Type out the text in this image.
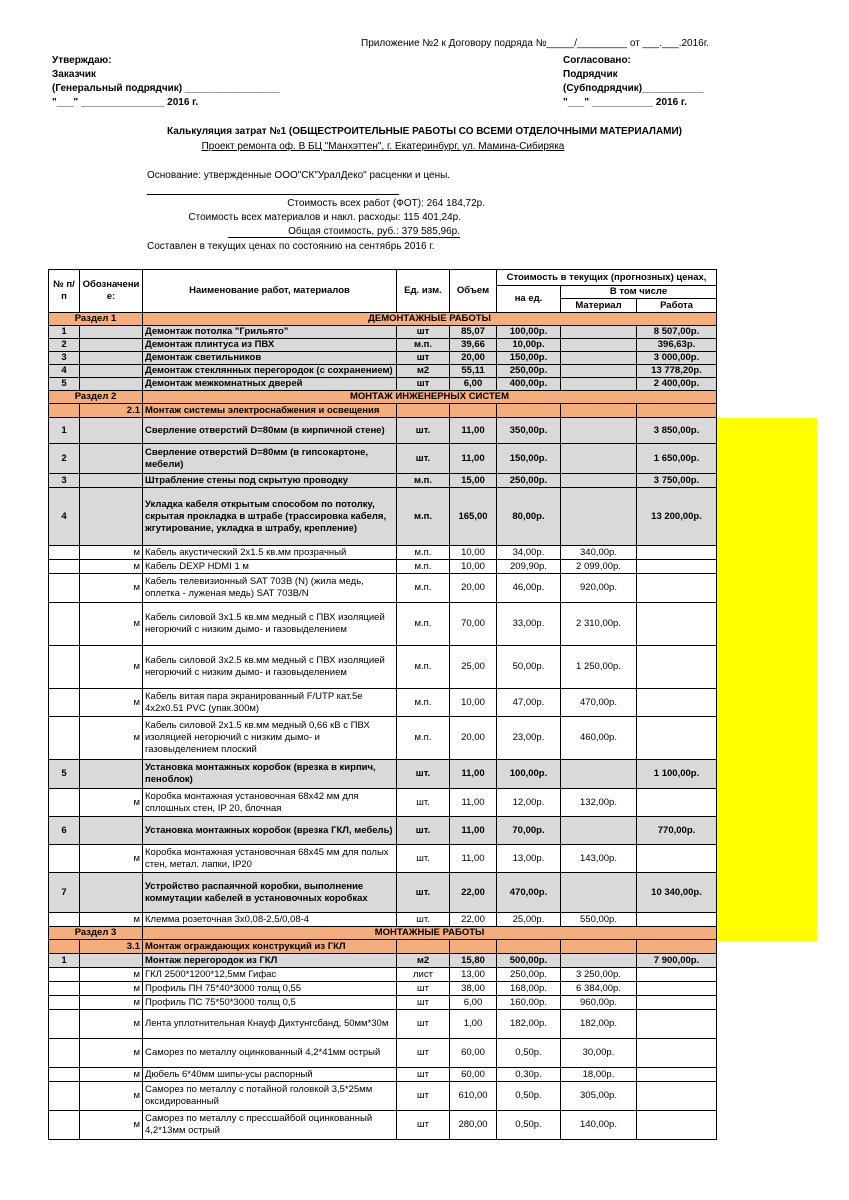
Приложение №2 к Договору подряда №_____/_________ от ___.___.2016г.
Утверждаю:
Заказчик
(Генеральный подрядчик) _________________
"___" _______________ 2016 г.
Согласовано:
Подрядчик
(Субподрядчик)___________
"___" ___________ 2016 г.
Калькуляция затрат №1 (ОБЩЕСТРОИТЕЛЬНЫЕ РАБОТЫ СО ВСЕМИ ОТДЕЛОЧНЫМИ МАТЕРИАЛАМИ)
Проект ремонта оф. В БЦ "Манхэттен", г. Екатеринбург, ул. Мамина-Сибиряка
Основание: утвержденные ООО"СК"УралДеко" расценки и цены.
Стоимость всех работ (ФОТ): 264 184,72р.
Стоимость всех материалов и накл. расходы: 115 401,24р.
Общая стоимость, руб.: 379 585,96р.
Составлен в текущих ценах по состоянию на сентябрь 2016 г.
№ п/п	Обозначени е:	Наименование работ, материалов	Ед. изм.	Объем	Стоимость в текущих (прогнозных) ценах,		
					на ед.	В том числе	
						Материал	Работа
Раздел 1		ДЕМОНТАЖНЫЕ РАБОТЫ					
1		Демонтаж потолка "Грильято"	шт	85,07	100,00р.		8 507,00р.
2		Демонтаж плинтуса из ПВХ	м.п.	39,66	10,00р.		396,63р.
3		Демонтаж светильников	шт	20,00	150,00р.		3 000,00р.
4		Демонтаж стеклянных перегородок (с сохранением)	м2	55,11	250,00р.		13 778,20р.
5		Демонтаж межкомнатных дверей	шт	6,00	400,00р.		2 400,00р.
Раздел 2		МОНТАЖ ИНЖЕНЕРНЫХ СИСТЕМ					
	2.1	Монтаж системы электроснабжения и освещения					
1		Сверление отверстий D=80мм (в кирпичной стене)	шт.	11,00	350,00р.		3 850,00р.
2		Сверление отверстий D=80мм (в гипсокартоне, мебели)	шт.	11,00	150,00р.		1 650,00р.
3		Штрабление стены под скрытую проводку	м.п.	15,00	250,00р.		3 750,00р.
4		Укладка кабеля открытым способом по потолку, скрытая прокладка в штрабе (трассировка кабеля, жгутирование, укладка в штрабу, крепление)	м.п.	165,00	80,00р.		13 200,00р.
	м	Кабель акустический 2х1.5 кв.мм прозрачный	м.п.	10,00	34,00р.	340,00р.	
	м	Кабель DEXP HDMI 1 м	м.п.	10,00	209,90р.	2 099,00р.	
	м	Кабель телевизионный SAT 703B (N) (жила медь, оплетка - луженая медь) SAT 703B/N	м.п.	20,00	46,00р.	920,00р.	
	м	Кабель силовой 3х1.5 кв.мм медный с ПВХ изоляцией негорючий с низким дымо- и газовыделением	м.п.	70,00	33,00р.	2 310,00р.	
	м	Кабель силовой 3х2.5 кв.мм медный с ПВХ изоляцией негорючий с низким дымо- и газовыделением	м.п.	25,00	50,00р.	1 250,00р.	
	м	Кабель витая пара экранированный F/UTP кат.5е 4х2х0.51 PVC (упак.300м)	м.п.	10,00	47,00р.	470,00р.	
	м	Кабель силовой 2х1.5 кв.мм медный 0,66 кВ с ПВХ изоляцией негорючий с низким дымо- и газовыделением плоский	м.п.	20,00	23,00р.	460,00р.	
5		Установка монтажных коробок (врезка в кирпич, пеноблок)	шт.	11,00	100,00р.		1 100,00р.
	м	Коробка монтажная установочная 68х42 мм для сплошных стен, IP 20, блочная	шт.	11,00	12,00р.	132,00р.	
6		Установка монтажных коробок (врезка ГКЛ, мебель)	шт.	11,00	70,00р.		770,00р.
	м	Коробка монтажная установочная 68х45 мм для полых стен, метал. лапки, IP20	шт.	11,00	13,00р.	143,00р.	
7		Устройство распаячной коробки, выполнение коммутации кабелей в установочных коробках	шт.	22,00	470,00р.		10 340,00р.
	м	Клемма розеточная 3х0,08-2,5/0,08-4	шт.	22,00	25,00р.	550,00р.	
Раздел 3		МОНТАЖНЫЕ РАБОТЫ					
	3.1	Монтаж ограждающих конструкций из ГКЛ					
1		Монтаж перегородок из ГКЛ	м2	15,80	500,00р.		7 900,00р.
	м	ГКЛ 2500*1200*12,5мм Гифас	лист	13,00	250,00р.	3 250,00р.	
	м	Профиль ПН 75*40*3000 толщ 0,55	шт	38,00	168,00р.	6 384,00р.	
	м	Профиль ПС 75*50*3000 толщ 0,5	шт	6,00	160,00р.	960,00р.	
	м	Лента уплотнительная Кнауф Дихтунгсбанд, 50мм*30м	шт	1,00	182,00р.	182,00р.	
	м	Саморез по металлу оцинкованный 4,2*41мм острый	шт	60,00	0,50р.	30,00р.	
	м	Дюбель 6*40мм шипы-усы распорный	шт	60,00	0,30р.	18,00р.	
	м	Саморез по металлу с потайной головкой 3,5*25мм оксидированный	шт	610,00	0,50р.	305,00р.	
	м	Саморез по металлу с прессшайбой оцинкованный 4,2*13мм острый	шт	280,00	0,50р.	140,00р.	
